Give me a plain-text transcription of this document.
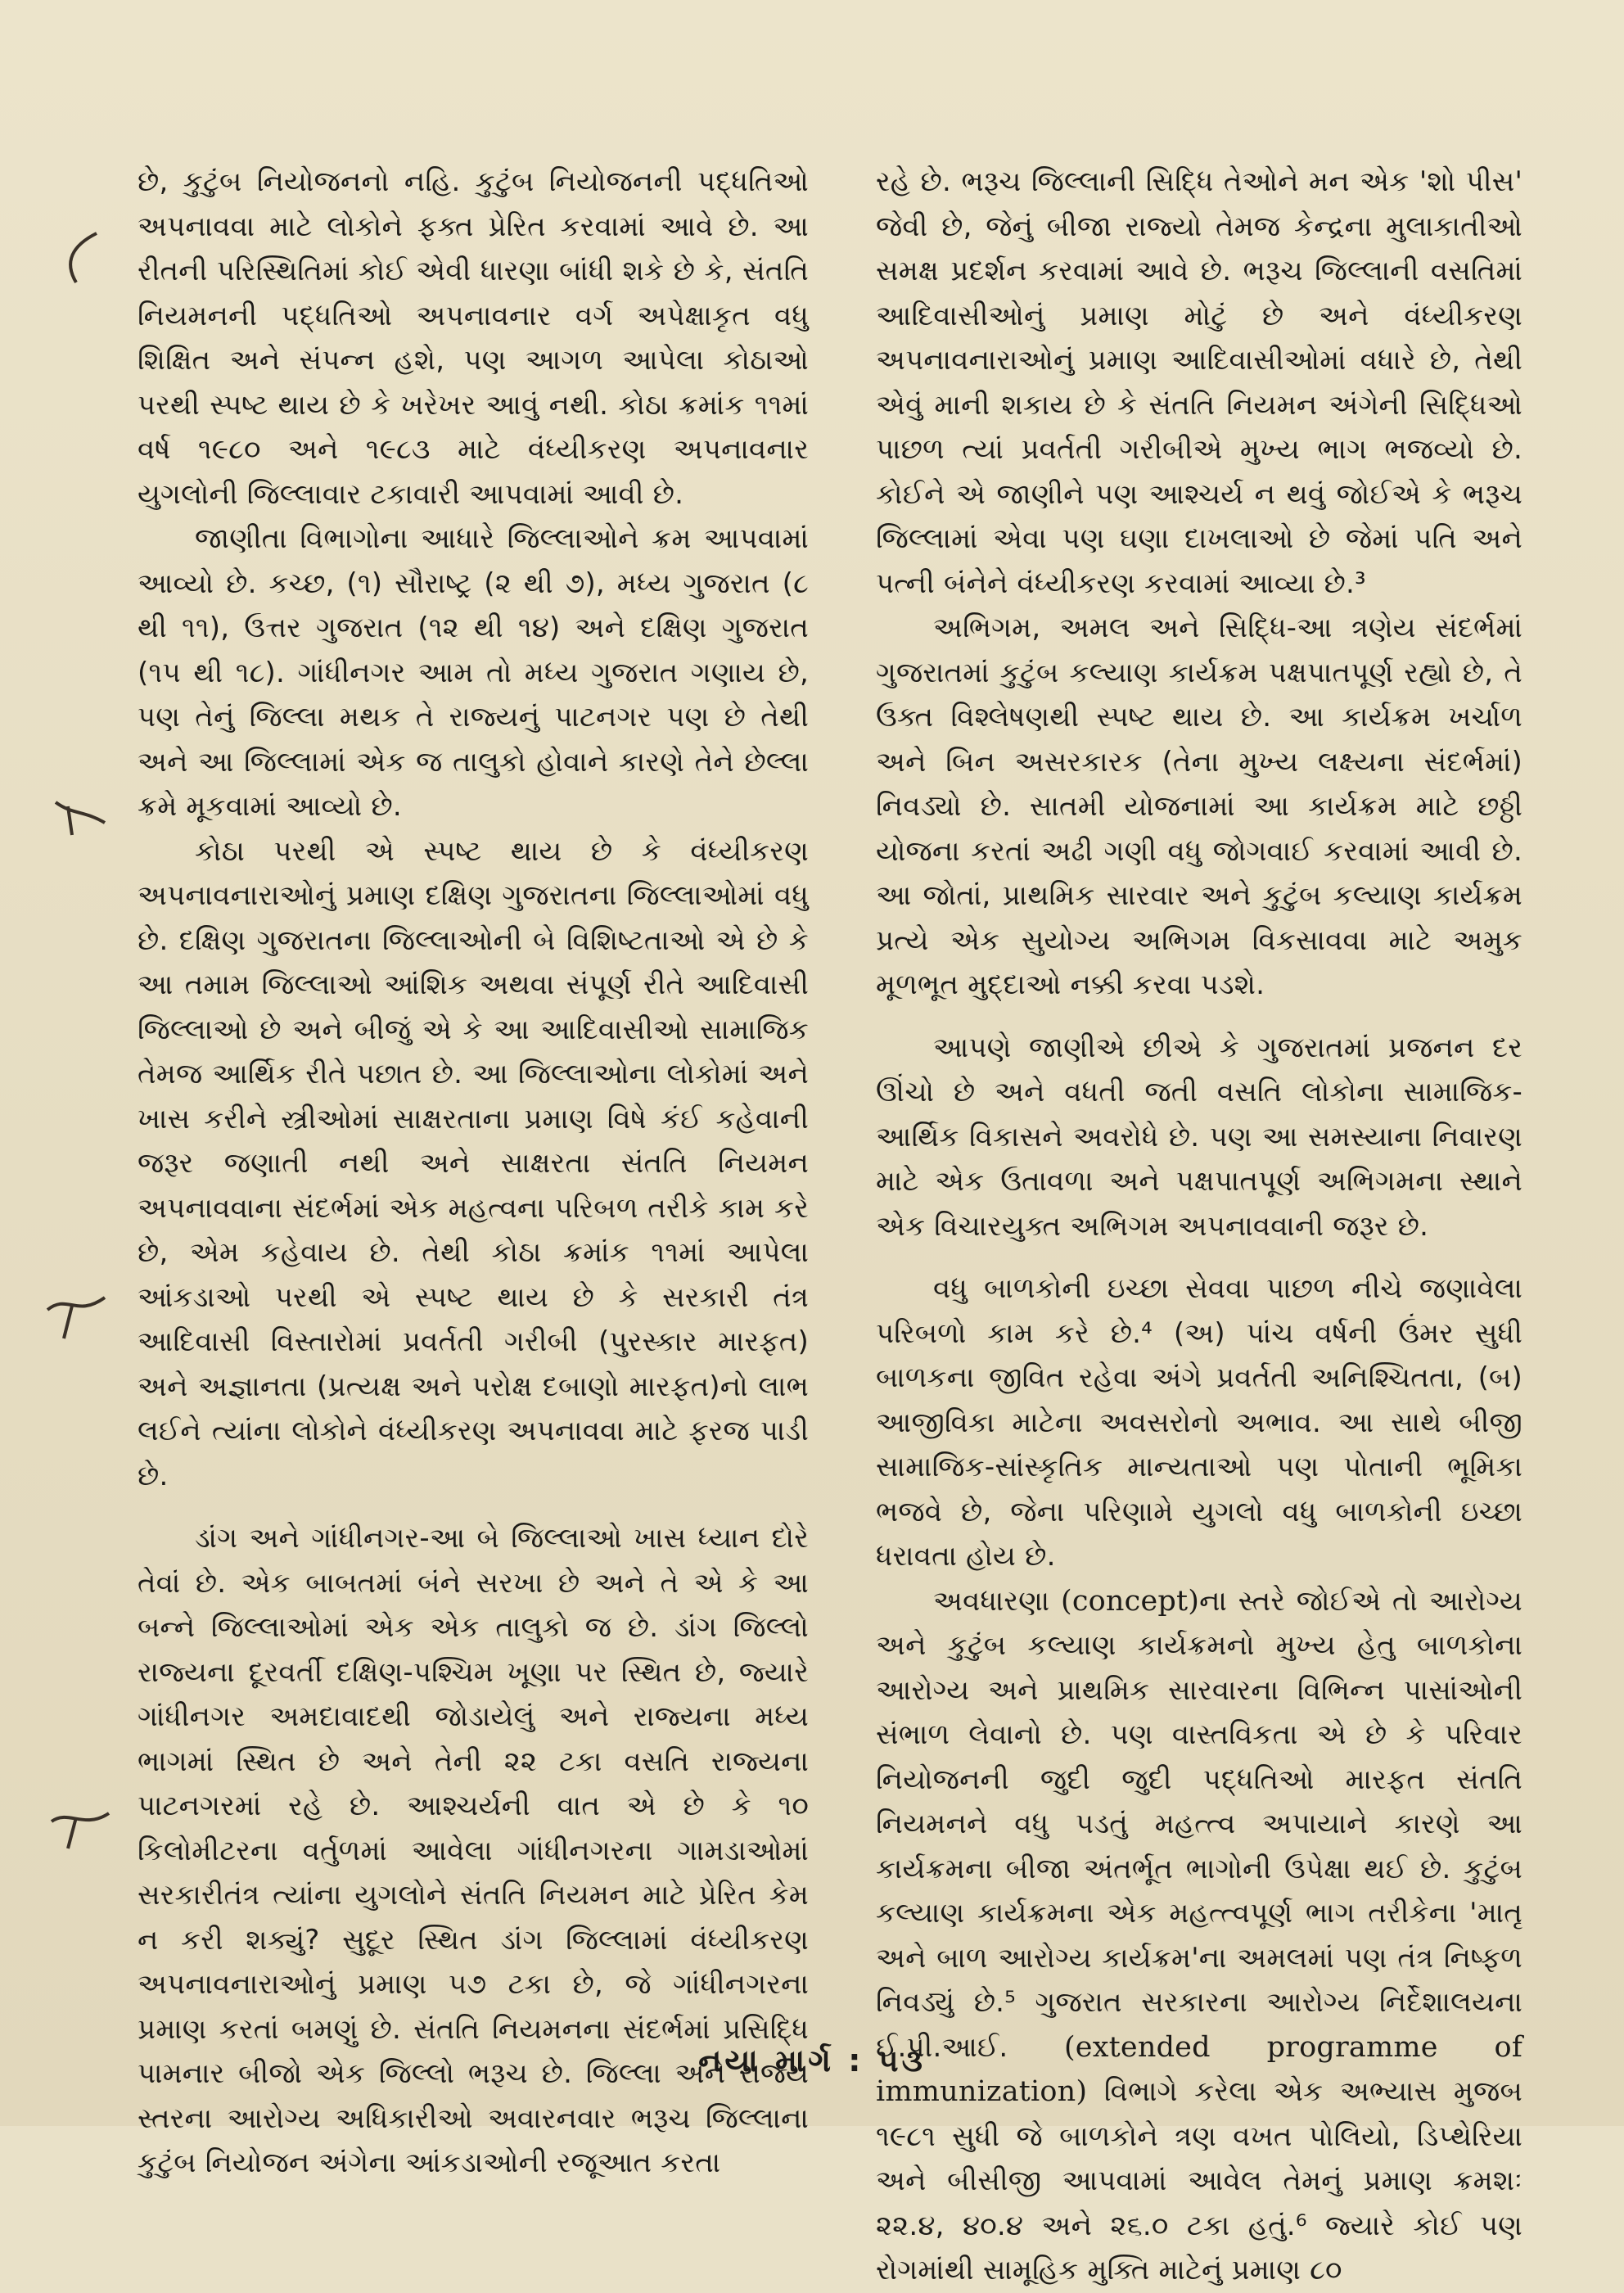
છે, કુટુંબ નિયોજનનો નહિ. કુટુંબ નિયોજનની પદ્ધતિઓ અપનાવવા માટે લોકોને ફક્ત પ્રેરિત કરવામાં આવે છે. આ રીતની પરિસ્થિતિમાં કોઈ એવી ધારણા બાંધી શકે છે કે, સંતતિ નિયમનની પદ્ધતિઓ અપનાવનાર વર્ગ અપેક્ષાકૃત વધુ શિક્ષિત અને સંપન્ન હશે, પણ આગળ આપેલા કોઠાઓ પરથી સ્પષ્ટ થાય છે કે ખરેખર આવું નથી. કોઠા ક્રમાંક ૧૧માં વર્ષ ૧૯૮૦ અને ૧૯૮૩ માટે વંધ્યીકરણ અપનાવનાર યુગલોની જિલ્લાવાર ટકાવારી આપવામાં આવી છે.

જાણીતા વિભાગોના આધારે જિલ્લાઓને ક્રમ આપવામાં આવ્યો છે. કચ્છ, (૧) સૌરાષ્ટ્ર (૨ થી ૭), મધ્ય ગુજરાત (૮ થી ૧૧), ઉત્તર ગુજરાત (૧૨ થી ૧૪) અને દક્ષિણ ગુજરાત (૧૫ થી ૧૮). ગાંધીનગર આમ તો મધ્ય ગુજરાત ગણાય છે, પણ તેનું જિલ્લા મથક તે રાજ્યનું પાટનગર પણ છે તેથી અને આ જિલ્લામાં એક જ તાલુકો હોવાને કારણે તેને છેલ્લા ક્રમે મૂકવામાં આવ્યો છે.

કોઠા પરથી એ સ્પષ્ટ થાય છે કે વંધ્યીકરણ અપનાવનારાઓનું પ્રમાણ દક્ષિણ ગુજરાતના જિલ્લાઓમાં વધુ છે. દક્ષિણ ગુજરાતના જિલ્લાઓની બે વિશિષ્ટતાઓ એ છે કે આ તમામ જિલ્લાઓ આંશિક અથવા સંપૂર્ણ રીતે આદિવાસી જિલ્લાઓ છે અને બીજું એ કે આ આદિવાસીઓ સામાજિક તેમજ આર્થિક રીતે પછાત છે. આ જિલ્લાઓના લોકોમાં અને ખાસ કરીને સ્ત્રીઓમાં સાક્ષરતાના પ્રમાણ વિષે કંઈ કહેવાની જરૂર જણાતી નથી અને સાક્ષરતા સંતતિ નિયમન અપનાવવાના સંદર્ભમાં એક મહત્વના પરિબળ તરીકે કામ કરે છે, એમ કહેવાય છે. તેથી કોઠા ક્રમાંક ૧૧માં આપેલા આંકડાઓ પરથી એ સ્પષ્ટ થાય છે કે સરકારી તંત્ર આદિવાસી વિસ્તારોમાં પ્રવર્તતી ગરીબી (પુરસ્કાર મારફત) અને અજ્ઞાનતા (પ્રત્યક્ષ અને પરોક્ષ દબાણો મારફત)નો લાભ લઈને ત્યાંના લોકોને વંધ્યીકરણ અપનાવવા માટે ફરજ પાડી છે.

ડાંગ અને ગાંધીનગર-આ બે જિલ્લાઓ ખાસ ધ્યાન દોરે તેવાં છે. એક બાબતમાં બંને સરખા છે અને તે એ કે આ બન્ને જિલ્લાઓમાં એક એક તાલુકો જ છે. ડાંગ જિલ્લો રાજ્યના દૂરવર્તી દક્ષિણ-પશ્ચિમ ખૂણા પર સ્થિત છે, જ્યારે ગાંધીનગર અમદાવાદથી જોડાયેલું અને રાજ્યના મધ્ય ભાગમાં સ્થિત છે અને તેની ૨૨ ટકા વસતિ રાજ્યના પાટનગરમાં રહે છે. આશ્ચર્યની વાત એ છે કે ૧૦ કિલોમીટરના વર્તુળમાં આવેલા ગાંધીનગરના ગામડાઓમાં સરકારીતંત્ર ત્યાંના યુગલોને સંતતિ નિયમન માટે પ્રેરિત કેમ ન કરી શક્યું? સુદૂર સ્થિત ડાંગ જિલ્લામાં વંધ્યીકરણ અપનાવનારાઓનું પ્રમાણ ૫૭ ટકા છે, જે ગાંધીનગરના પ્રમાણ કરતાં બમણું છે. સંતતિ નિયમનના સંદર્ભમાં પ્રસિદ્ધિ પામનાર બીજો એક જિલ્લો ભરૂચ છે. જિલ્લા અને રાજ્ય સ્તરના આરોગ્ય અધિકારીઓ અવારનવાર ભરૂચ જિલ્લાના કુટુંબ નિયોજન અંગેના આંકડાઓની રજૂઆત કરતા

રહે છે. ભરૂચ જિલ્લાની સિદ્ધિ તેઓને મન એક 'શો પીસ' જેવી છે, જેનું બીજા રાજ્યો તેમજ કેન્દ્રના મુલાકાતીઓ સમક્ષ પ્રદર્શન કરવામાં આવે છે. ભરૂચ જિલ્લાની વસતિમાં આદિવાસીઓનું પ્રમાણ મોટું છે અને વંધ્યીકરણ અપનાવનારાઓનું પ્રમાણ આદિવાસીઓમાં વધારે છે, તેથી એવું માની શકાય છે કે સંતતિ નિયમન અંગેની સિદ્ધિઓ પાછળ ત્યાં પ્રવર્તતી ગરીબીએ મુખ્ય ભાગ ભજવ્યો છે. કોઈને એ જાણીને પણ આશ્ચર્ય ન થવું જોઈએ કે ભરૂચ જિલ્લામાં એવા પણ ઘણા દાખલાઓ છે જેમાં પતિ અને પત્ની બંનેને વંધ્યીકરણ કરવામાં આવ્યા છે.³

અભિગમ, અમલ અને સિદ્ધિ-આ ત્રણેય સંદર્ભમાં ગુજરાતમાં કુટુંબ કલ્યાણ કાર્યક્રમ પક્ષપાતપૂર્ણ રહ્યો છે, તે ઉક્ત વિશ્લેષણથી સ્પષ્ટ થાય છે. આ કાર્યક્રમ ખર્ચાળ અને બિન અસરકારક (તેના મુખ્ય લક્ષ્યના સંદર્ભમાં) નિવડ્યો છે. સાતમી યોજનામાં આ કાર્યક્રમ માટે છઠ્ઠી યોજના કરતાં અઢી ગણી વધુ જોગવાઈ કરવામાં આવી છે. આ જોતાં, પ્રાથમિક સારવાર અને કુટુંબ કલ્યાણ કાર્યક્રમ પ્રત્યે એક સુયોગ્ય અભિગમ વિકસાવવા માટે અમુક મૂળભૂત મુદ્દાઓ નક્કી કરવા પડશે.

આપણે જાણીએ છીએ કે ગુજરાતમાં પ્રજનન દર ઊંચો છે અને વધતી જતી વસતિ લોકોના સામાજિક-આર્થિક વિકાસને અવરોધે છે. પણ આ સમસ્યાના નિવારણ માટે એક ઉતાવળા અને પક્ષપાતપૂર્ણ અભિગમના સ્થાને એક વિચારયુક્ત અભિગમ અપનાવવાની જરૂર છે.

વધુ બાળકોની ઇચ્છા સેવવા પાછળ નીચે જણાવેલા પરિબળો કામ કરે છે.⁴ (અ) પાંચ વર્ષની ઉંમર સુધી બાળકના જીવિત રહેવા અંગે પ્રવર્તતી અનિશ્ચિતતા, (બ) આજીવિકા માટેના અવસરોનો અભાવ. આ સાથે બીજી સામાજિક-સાંસ્કૃતિક માન્યતાઓ પણ પોતાની ભૂમિકા ભજવે છે, જેના પરિણામે યુગલો વધુ બાળકોની ઇચ્છા ધરાવતા હોય છે.

અવધારણા (concept)ના સ્તરે જોઈએ તો આરોગ્ય અને કુટુંબ કલ્યાણ કાર્યક્રમનો મુખ્ય હેતુ બાળકોના આરોગ્ય અને પ્રાથમિક સારવારના વિભિન્ન પાસાંઓની સંભાળ લેવાનો છે. પણ વાસ્તવિકતા એ છે કે પરિવાર નિયોજનની જુદી જુદી પદ્ધતિઓ મારફત સંતતિ નિયમનને વધુ પડતું મહત્ત્વ અપાયાને કારણે આ કાર્યક્રમના બીજા અંતર્ભૂત ભાગોની ઉપેક્ષા થઈ છે. કુટુંબ કલ્યાણ કાર્યક્રમના એક મહત્ત્વપૂર્ણ ભાગ તરીકેના 'માતૃ અને બાળ આરોગ્ય કાર્યક્રમ'ના અમલમાં પણ તંત્ર નિષ્ફળ નિવડ્યું છે.⁵ ગુજરાત સરકારના આરોગ્ય નિર્દેશાલયના ઈ.પી.આઈ. (extended programme of immunization) વિભાગે કરેલા એક અભ્યાસ મુજબ ૧૯૮૧ સુધી જે બાળકોને ત્રણ વખત પોલિયો, ડિપ્થેરિયા અને બીસીજી આપવામાં આવેલ તેમનું પ્રમાણ ક્રમશઃ ૨૨.૪, ૪૦.૪ અને ૨૬.૦ ટકા હતું.⁶ જ્યારે કોઈ પણ રોગમાંથી સામૂહિક મુક્તિ માટેનું પ્રમાણ ૮૦

નયા માર્ગ : ૫૩
